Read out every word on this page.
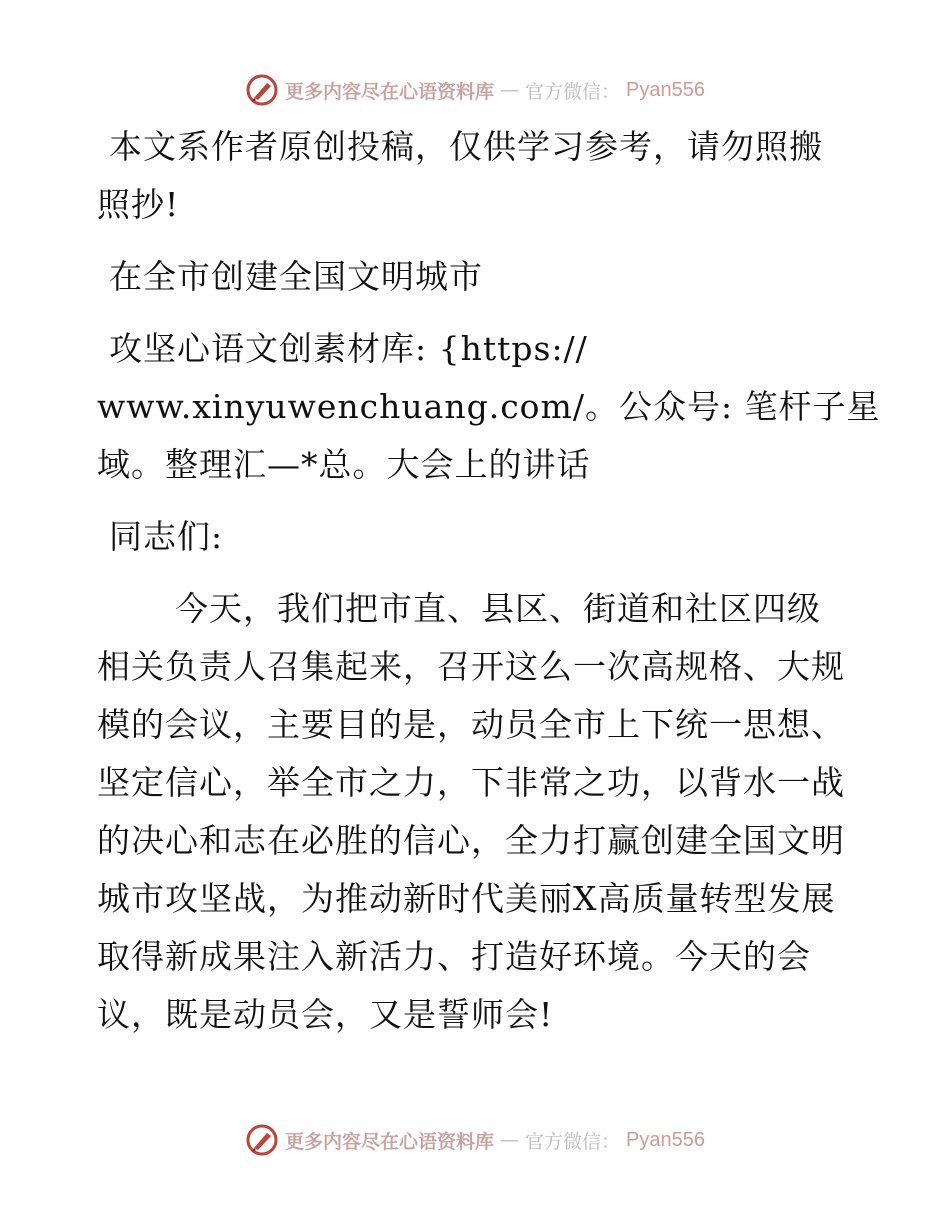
更多内容尽在心语资料库 — 官方微信： Pyan556
本文系作者原创投稿，仅供学习参考，请勿照搬
照抄!
在全市创建全国文明城市
攻坚心语文创素材库: {https://
www.xinyuwenchuang.com/。公众号: 笔杆子星
域。整理汇—*总。大会上的讲话
同志们:
今天，我们把市直、县区、街道和社区四级
相关负责人召集起来，召开这么一次高规格、大规
模的会议，主要目的是，动员全市上下统一思想、
坚定信心，举全市之力，下非常之功，以背水一战
的决心和志在必胜的信心，全力打赢创建全国文明
城市攻坚战，为推动新时代美丽X高质量转型发展
取得新成果注入新活力、打造好环境。今天的会
议，既是动员会，又是誓师会!
更多内容尽在心语资料库 — 官方微信： Pyan556
